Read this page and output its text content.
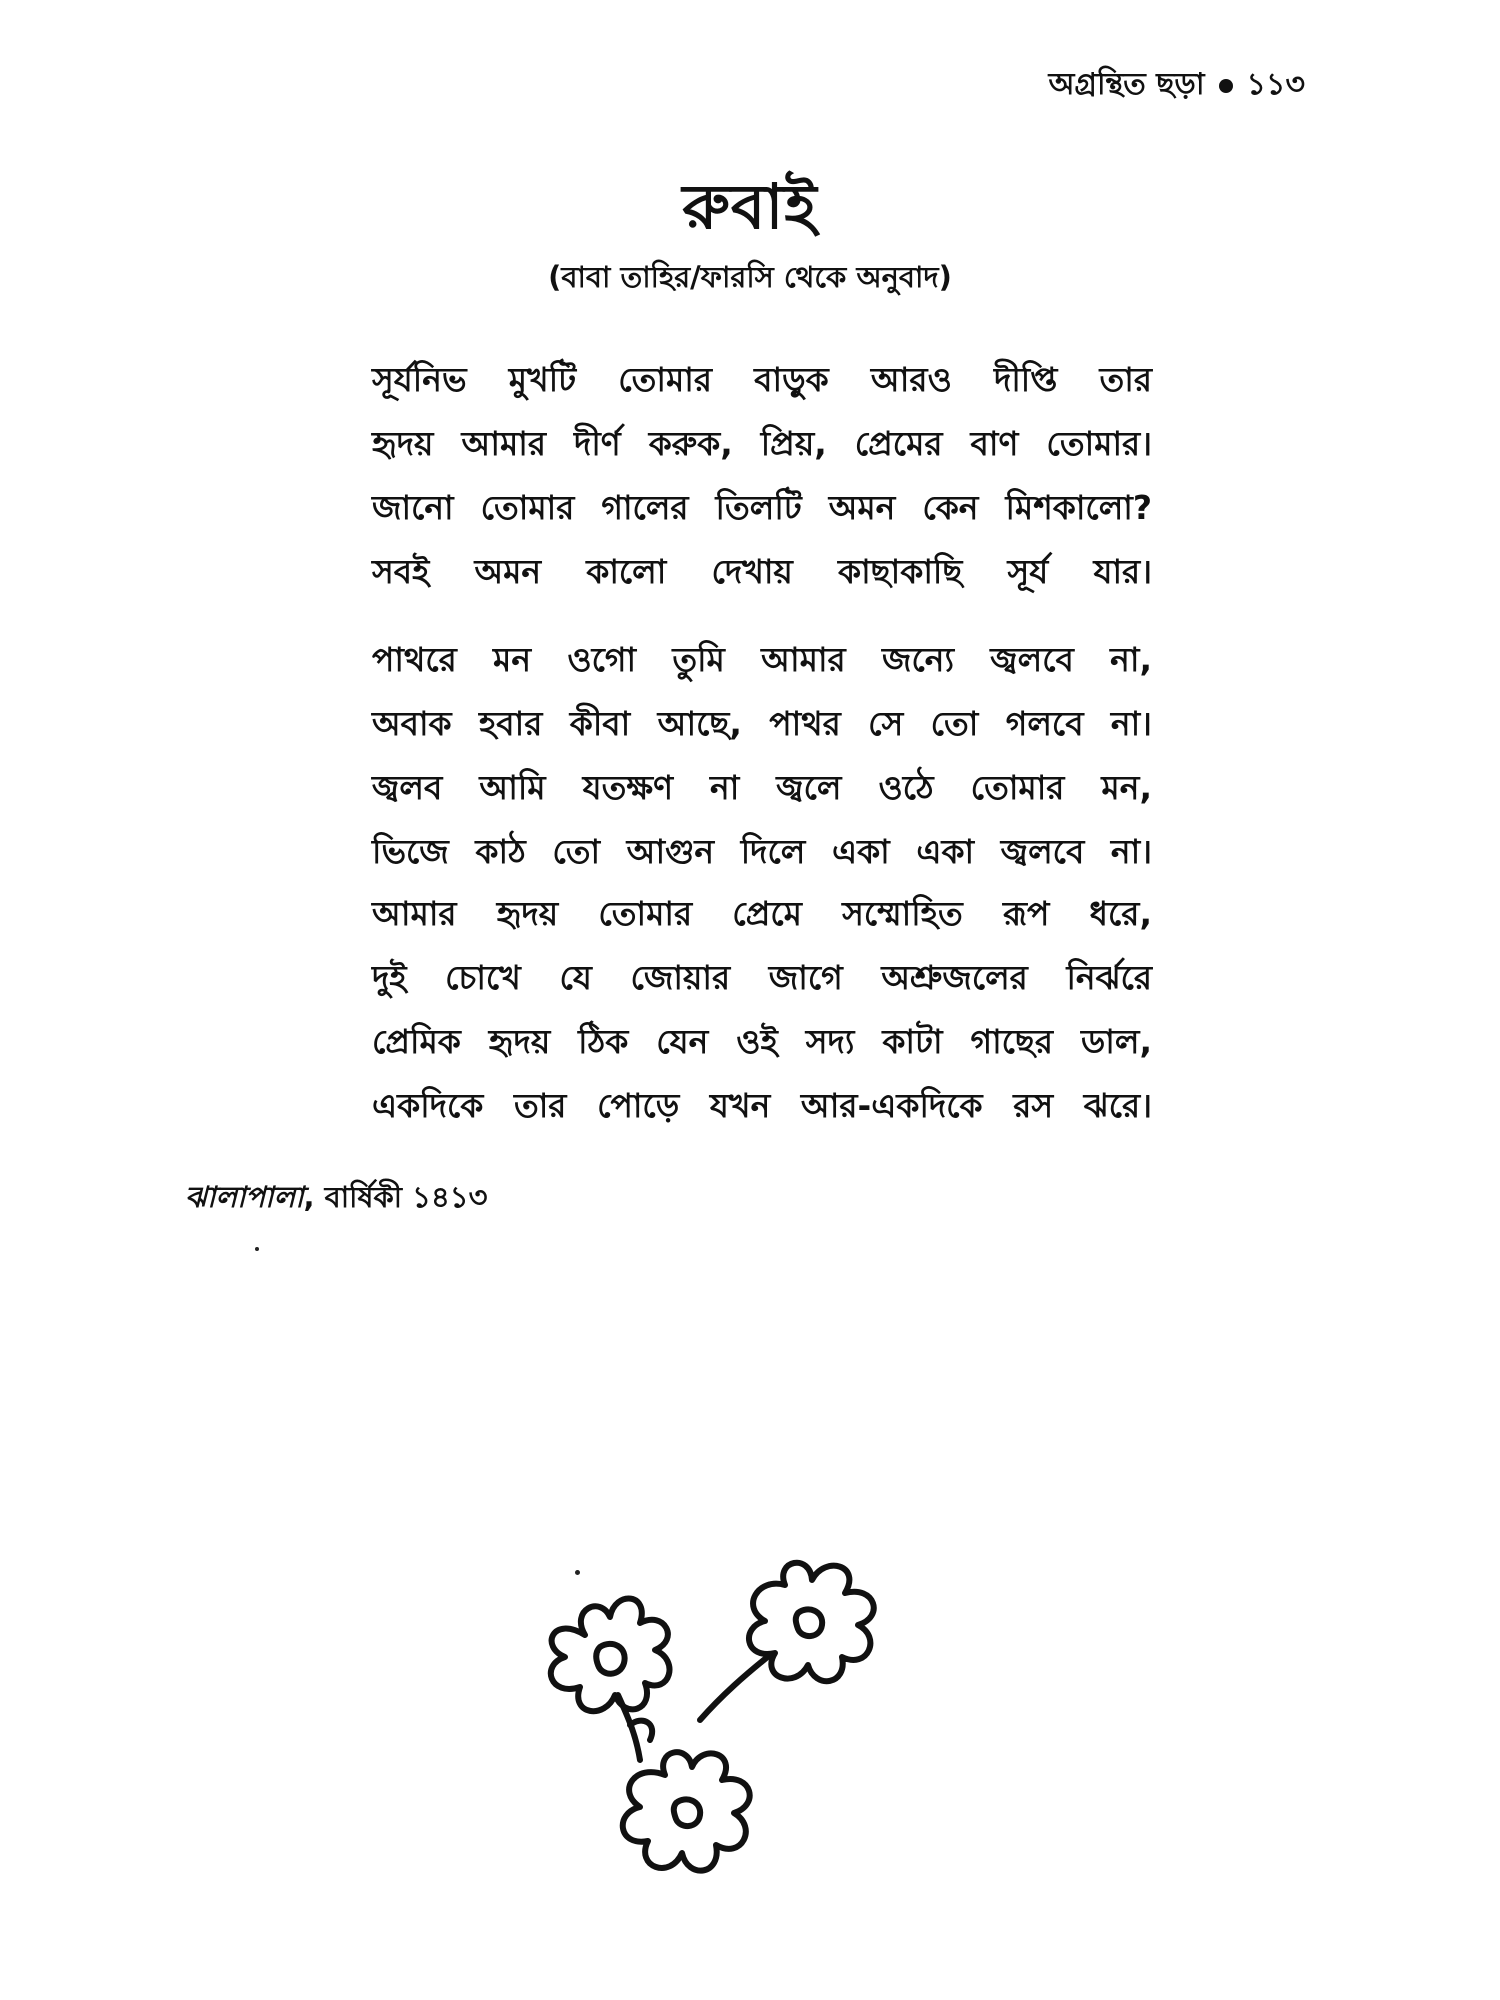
অগ্রন্থিত ছড়া ১১৩
রুবাই
(বাবা তাহির/ফারসি থেকে অনুবাদ)
সূর্যনিভ মুখটি তোমার বাড়ুক আরও দীপ্তি তার
হৃদয় আমার দীর্ণ করুক, প্রিয়, প্রেমের বাণ তোমার।
জানো তোমার গালের তিলটি অমন কেন মিশকালো?
সবই অমন কালো দেখায় কাছাকাছি সূর্য যার।
পাথরে মন ওগো তুমি আমার জন্যে জ্বলবে না,
অবাক হবার কীবা আছে, পাথর সে তো গলবে না।
জ্বলব আমি যতক্ষণ না জ্বলে ওঠে তোমার মন,
ভিজে কাঠ তো আগুন দিলে একা একা জ্বলবে না।
আমার হৃদয় তোমার প্রেমে সম্মোহিত রূপ ধরে,
দুই চোখে যে জোয়ার জাগে অশ্রুজলের নির্ঝরে
প্রেমিক হৃদয় ঠিক যেন ওই সদ্য কাটা গাছের ডাল,
একদিকে তার পোড়ে যখন আর-একদিকে রস ঝরে।
ঝালাপালা, বার্ষিকী ১৪১৩
